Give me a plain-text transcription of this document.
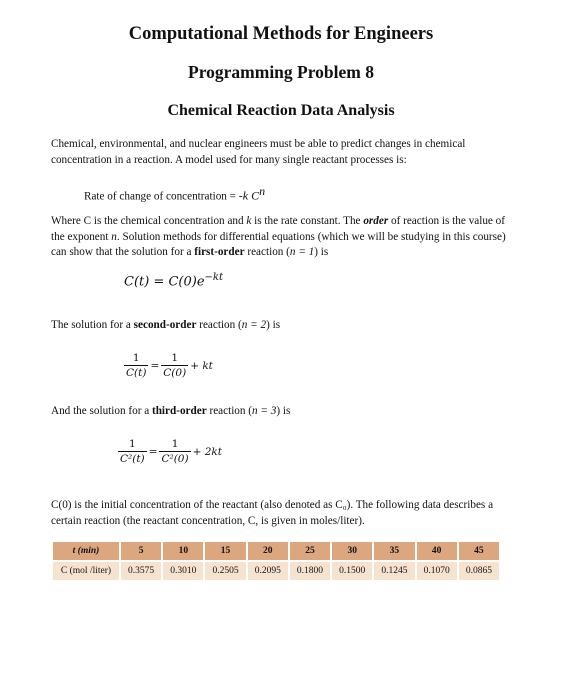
Computational Methods for Engineers
Programming Problem 8
Chemical Reaction Data Analysis

Chemical, environmental, and nuclear engineers must be able to predict changes in chemical concentration in a reaction. A model used for many single reactant processes is:

Rate of change of concentration = -k $C^n$

Where C is the chemical concentration and k is the rate constant. The order of reaction is the value of the exponent n. Solution methods for differential equations (which we will be studying in this course) can show that the solution for a first-order reaction (n = 1) is

$C(t) = C(0)e^{-kt}$

The solution for a second-order reaction (n = 2) is

$\frac{1}{C(t)} = \frac{1}{C(0)}$ + kt

And the solution for a third-order reaction (n = 3) is

$\frac{1}{\text{C²(t)}} = \frac{1}{\text{C²(0)}} + 2kt$

C(0) is the initial concentration of the reactant (also denoted as C₀). The following data describes a certain reaction (the reactant concentration, C, is given in moles/liter).

t (min)	5	10	15	20	25	30	35	40	45
C (mol /liter)	0.3575	0.3010	0.2505	0.2095	0.1800	0.1500	0.1245	0.1070	0.0865
